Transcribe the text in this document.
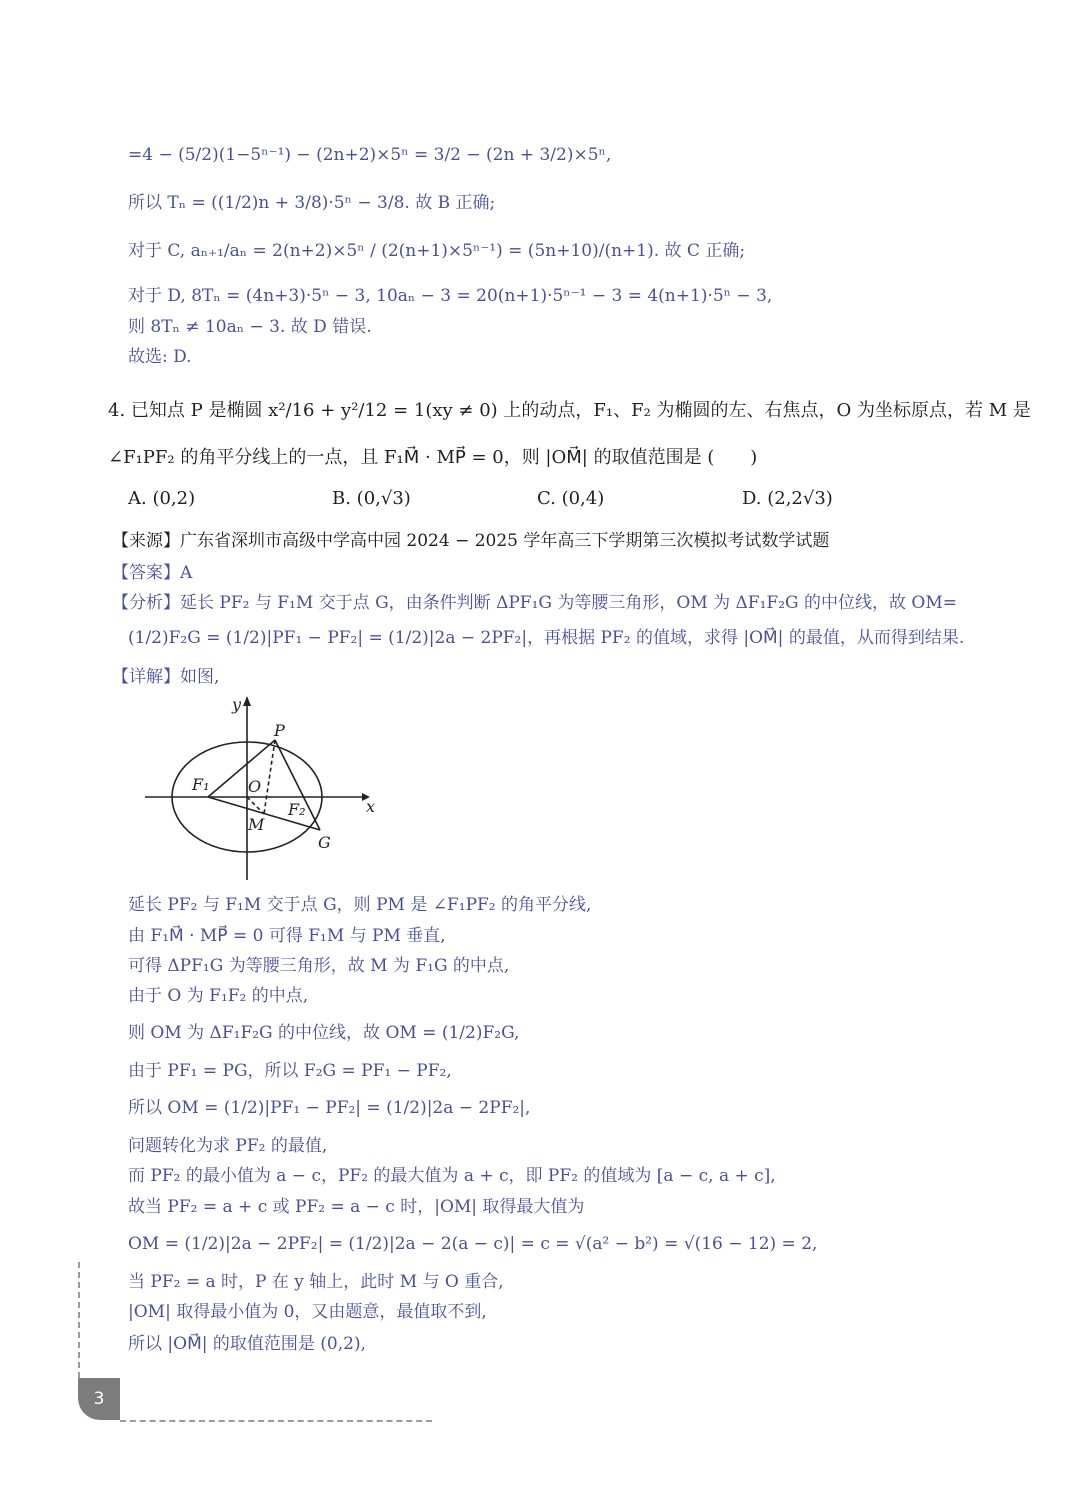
=4 − (5/2)(1−5ⁿ⁻¹) − (2n+2)×5ⁿ = 3/2 − (2n + 3/2)×5ⁿ,
所以 Tₙ = ((1/2)n + 3/8)·5ⁿ − 3/8. 故 B 正确;
对于 C, aₙ₊₁/aₙ = 2(n+2)×5ⁿ / (2(n+1)×5ⁿ⁻¹) = (5n+10)/(n+1). 故 C 正确;
对于 D, 8Tₙ = (4n+3)·5ⁿ − 3, 10aₙ − 3 = 20(n+1)·5ⁿ⁻¹ − 3 = 4(n+1)·5ⁿ − 3,
则 8Tₙ ≠ 10aₙ − 3. 故 D 错误.
故选: D.
4. 已知点 P 是椭圆 x²/16 + y²/12 = 1(xy ≠ 0) 上的动点，F₁、F₂ 为椭圆的左、右焦点，O 为坐标原点，若 M 是
∠F₁PF₂ 的角平分线上的一点，且 F₁M⃗ · MP⃗ = 0，则 |OM⃗| 的取值范围是 (　　)
A. (0,2)	B. (0,√3)	C. (0,4)	D. (2,2√3)
【来源】广东省深圳市高级中学高中园 2024 − 2025 学年高三下学期第三次模拟考试数学试题
【答案】A
【分析】延长 PF₂ 与 F₁M 交于点 G，由条件判断 ΔPF₁G 为等腰三角形，OM 为 ΔF₁F₂G 的中位线，故 OM=
(1/2)F₂G = (1/2)|PF₁ − PF₂| = (1/2)|2a − 2PF₂|，再根据 PF₂ 的值域，求得 |OM⃗| 的最值，从而得到结果.
【详解】如图,
y
x
P
F₁ O
F₂
M
G
延长 PF₂ 与 F₁M 交于点 G，则 PM 是 ∠F₁PF₂ 的角平分线,
由 F₁M⃗ · MP⃗ = 0 可得 F₁M 与 PM 垂直,
可得 ΔPF₁G 为等腰三角形，故 M 为 F₁G 的中点,
由于 O 为 F₁F₂ 的中点,
则 OM 为 ΔF₁F₂G 的中位线，故 OM = (1/2)F₂G,
由于 PF₁ = PG，所以 F₂G = PF₁ − PF₂,
所以 OM = (1/2)|PF₁ − PF₂| = (1/2)|2a − 2PF₂|,
问题转化为求 PF₂ 的最值,
而 PF₂ 的最小值为 a − c，PF₂ 的最大值为 a + c，即 PF₂ 的值域为 [a − c, a + c],
故当 PF₂ = a + c 或 PF₂ = a − c 时，|OM| 取得最大值为
OM = (1/2)|2a − 2PF₂| = (1/2)|2a − 2(a − c)| = c = √(a² − b²) = √(16 − 12) = 2,
当 PF₂ = a 时，P 在 y 轴上，此时 M 与 O 重合,
|OM| 取得最小值为 0，又由题意，最值取不到,
所以 |OM⃗| 的取值范围是 (0,2),
3
